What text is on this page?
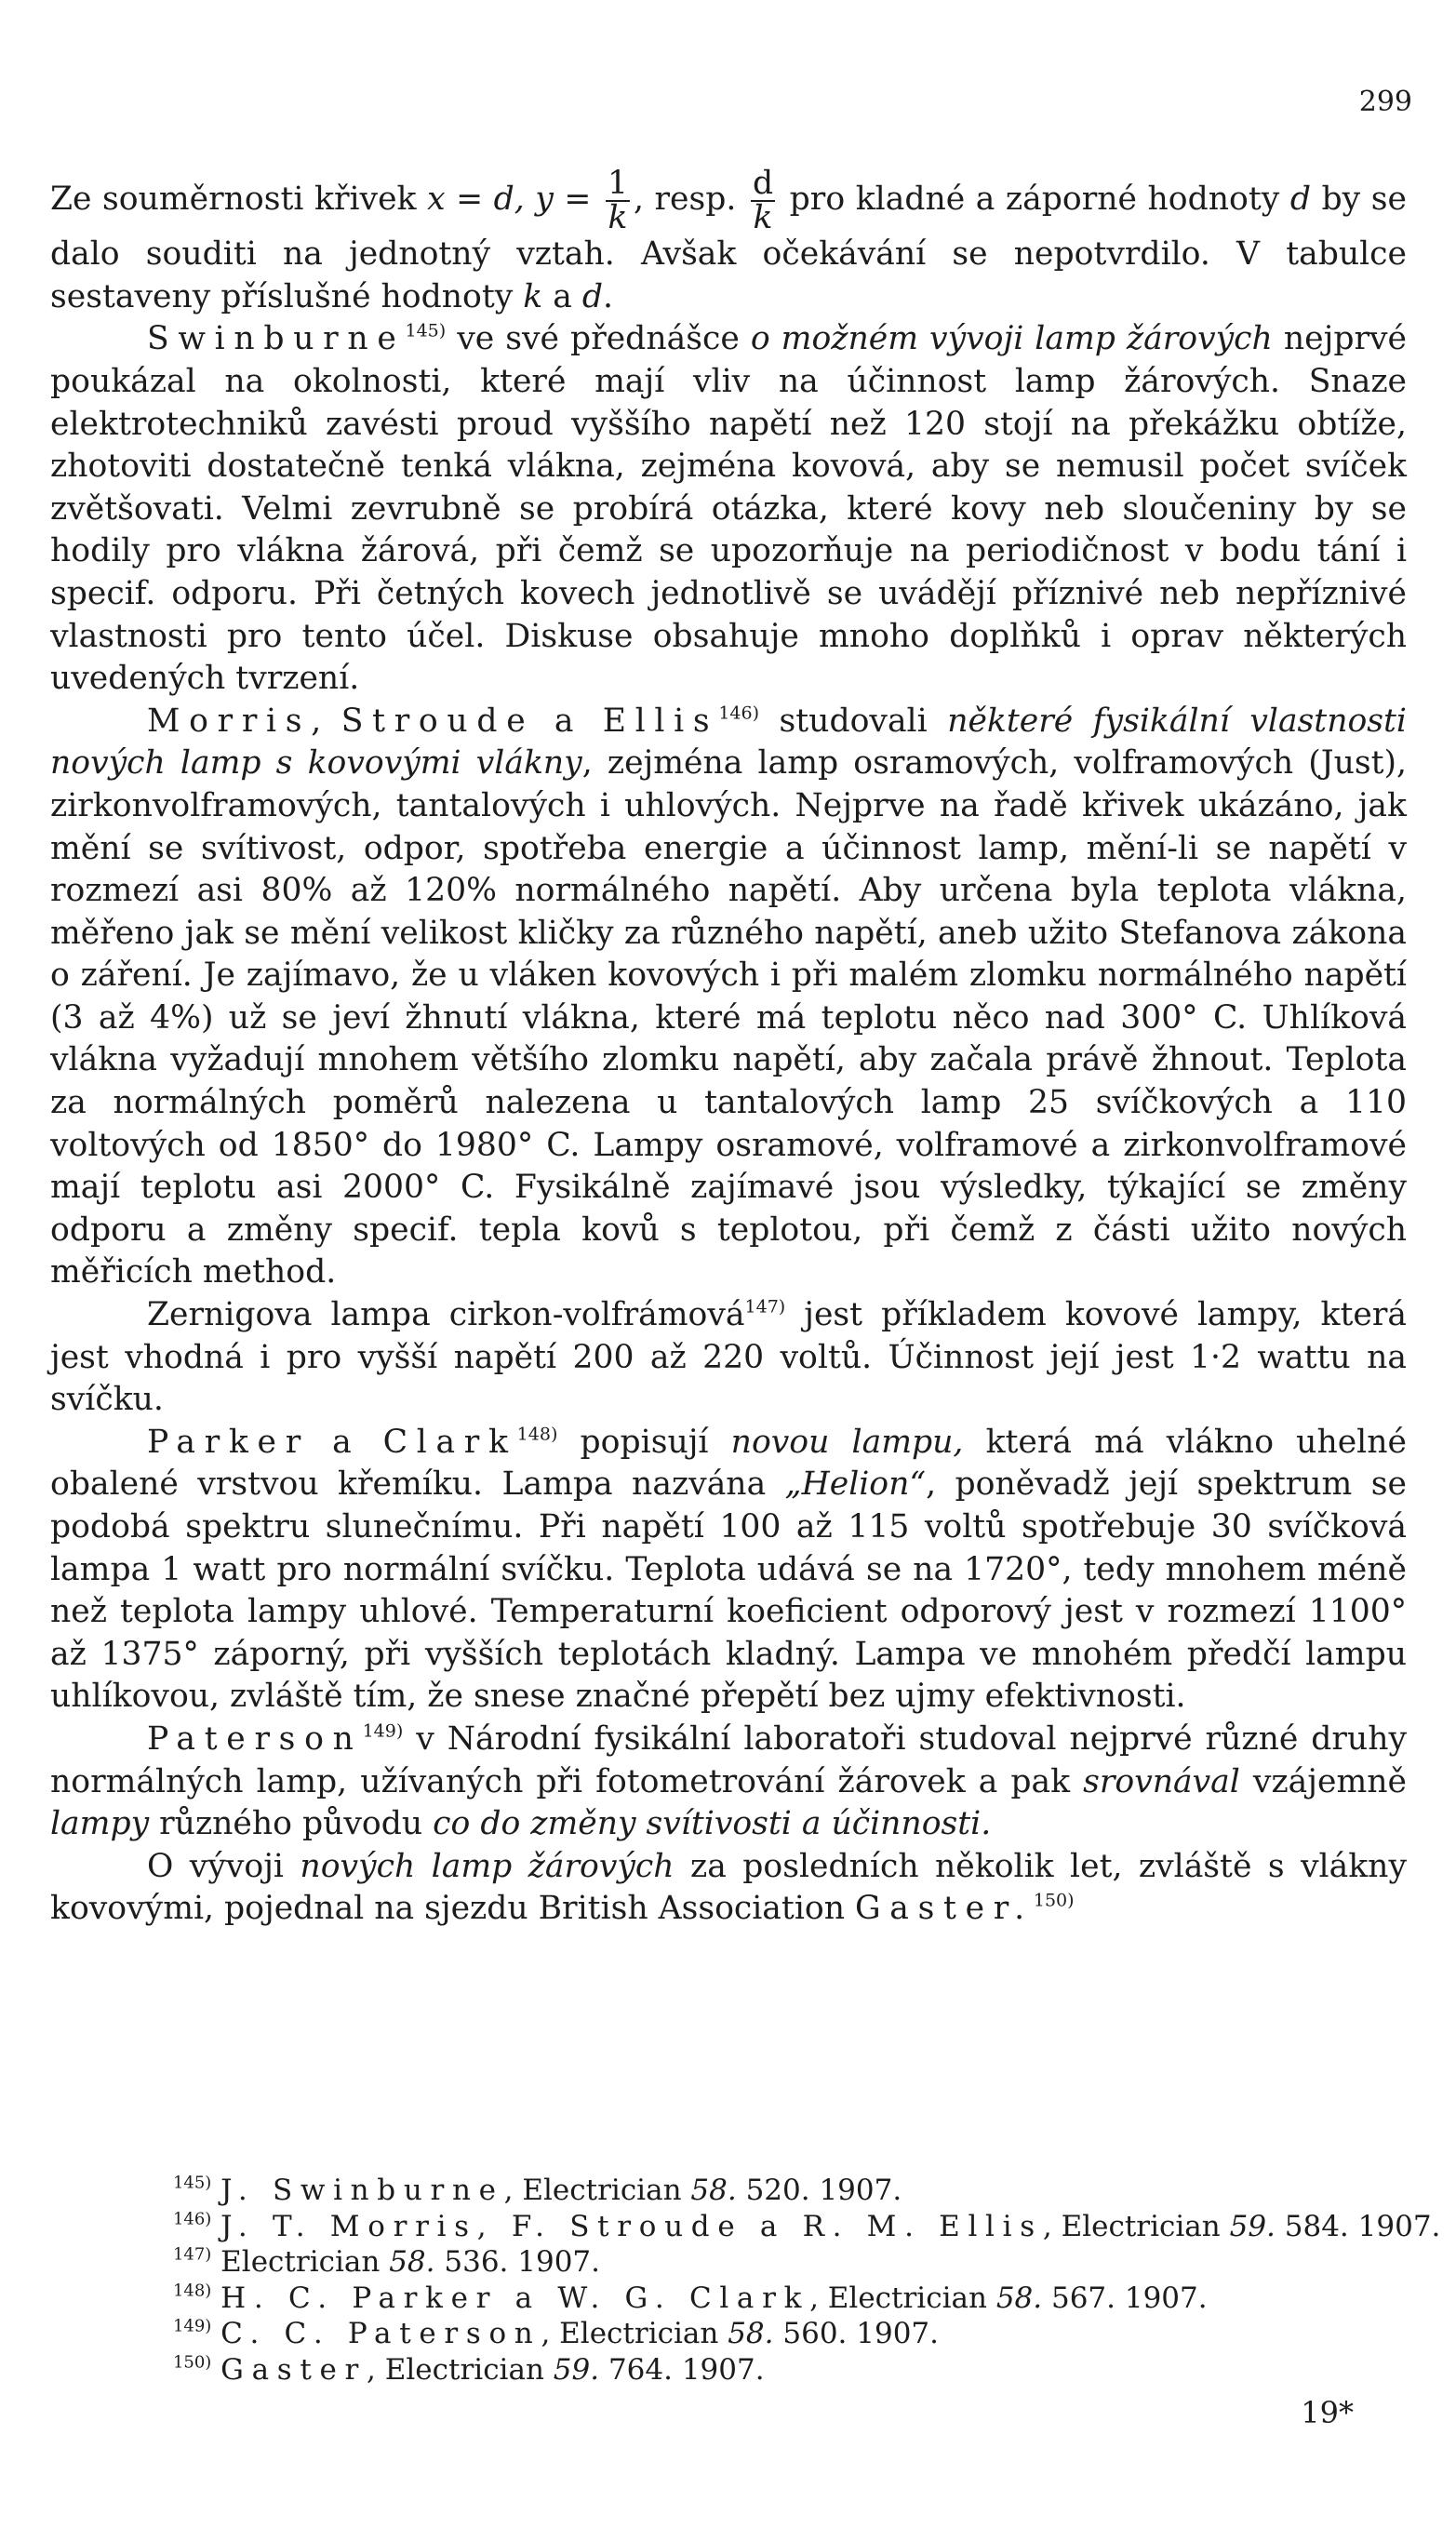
299

Ze souměrnosti křivek x = d, $y = \frac{1}{k}$ , resp. $\frac{d}{k}$ pro kladné a záporné hodnoty d by se dalo souditi na jednotný vztah. Avšak očekávání se nepotvrdilo. V tabulce sestaveny příslušné hodnoty k a d.

Swinburne$^{145)}$ ve své přednášce o možném vývoji lamp žárových nejprvé poukázal na okolnosti, které mají vliv na účinnost lamp žárových. Snaze elektrotechniků zavésti proud vyššího napětí než 120 stojí na překážku obtíže, zhotoviti dostatečně tenká vlákna, zejména kovová, aby se nemusil počet svíček zvětšovati. Velmi zevrubně se probírá otázka, které kovy neb sloučeniny by se hodily pro vlákna žárová, při čemž se upozorňuje na periodičnost v bodu tání i specif. odporu. Při četných kovech jednotlivě se uvádějí příznivé neb nepříznivé vlastnosti pro tento účel. Diskuse obsahuje mnoho doplňků i oprav některých uvedených tvrzení.

Morris, Stroude a Ellis$^{146)}$ studovali některé fysikální vlastnosti nových lamp s kovovými vlákny, zejména lamp osramových, volframových (Just), zirkonvolframových, tantalových i uhlových. Nejprve na řadě křivek ukázáno, jak mění se svítivost, odpor, spotřeba energie a účinnost lamp, mění-li se napětí v rozmezí asi 80% až 120% normálného napětí. Aby určena byla teplota vlákna, měřeno jak se mění velikost kličky za různého napětí, aneb užito Stefanova zákona o záření. Je zajímavo, že u vláken kovových i při malém zlomku normálného napětí (3 až 4%) už se jeví žhnutí vlákna, které má teplotu něco nad 300° C. Uhlíková vlákna vyžadují mnohem většího zlomku napětí, aby začala právě žhnout. Teplota za normálných poměrů nalezena u tantalových lamp 25 svíčkových a 110 voltových od 1850° do 1980° C. Lampy osramové, volframové a zirkonvolframové mají teplotu asi 2000° C. Fysikálně zajímavé jsou výsledky, týkající se změny odporu a změny specif. tepla kovů s teplotou, při čemž z části užito nových měřicích method.

Zernigova lampa cirkon-volfrámová$^{147)}$ jest příkladem kovové lampy, která jest vhodná i pro vyšší napětí 200 až 220 voltů. Účinnost její jest 1·2 wattu na svíčku.

Parker a Clark$^{148)}$ popisují novou lampu, která má vlákno uhelné obalené vrstvou křemíku. Lampa nazvána „Helion“, poněvadž její spektrum se podobá spektru slunečnímu. Při napětí 100 až 115 voltů spotřebuje 30 svíčková lampa 1 watt pro normální svíčku. Teplota udává se na 1720°, tedy mnohem méně než teplota lampy uhlové. Temperaturní koeficient odporový jest v rozmezí 1100° až 1375° záporný, při vyšších teplotách kladný. Lampa ve mnohém předčí lampu uhlíkovou, zvláště tím, že snese značné přepětí bez ujmy efektivnosti.

Paterson$^{149)}$ v Národní fysikální laboratoři studoval nejprvé různé druhy normálných lamp, užívaných při fotometrování žárovek a pak srovnával vzájemně lampy různého původu co do změny svítivosti a účinnosti.

O vývoji nových lamp žárových za posledních několik let, zvláště s vlákny kovovými, pojednal na sjezdu British Association Gaster.$^{150)}$

$^{145)}$ J. Swinburne, Electrician 58. 520. 1907.
$^{146)}$ J. T. Morris, F. Stroude a R. M. Ellis, Electrician 59. 584. 1907.
$^{147)}$ Electrician 58. 536. 1907.
$^{148)}$ H. C. Parker a W. G. Clark, Electrician 58. 567. 1907.
$^{149)}$ C. C. Paterson, Electrician 58. 560. 1907.
$^{150)}$ Gaster, Electrician 59. 764. 1907.
19*
